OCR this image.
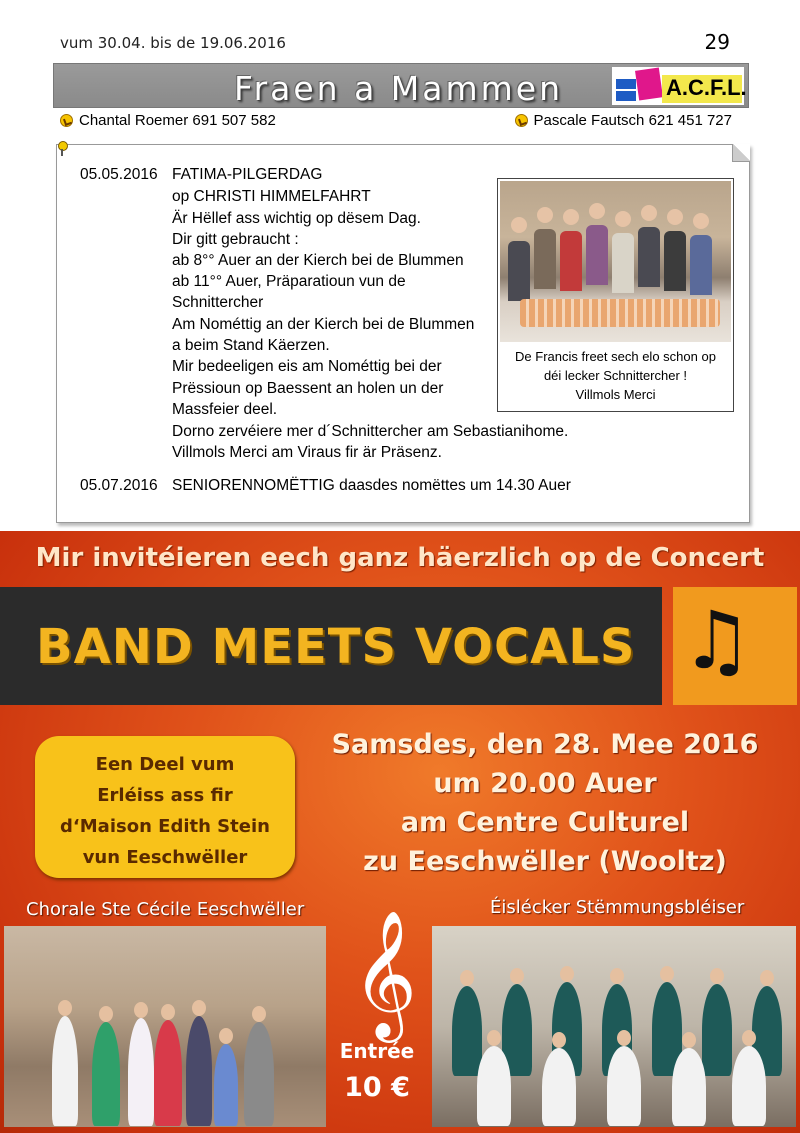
vum 30.04. bis de 19.06.2016	29
Fraen a Mammen	A.C.F.L.
Chantal Roemer 691 507 582	Pascale Fautsch 621 451 727
05.05.2016 FATIMA-PILGERDAG
op CHRISTI HIMMELFAHRT
Är Hëllef ass wichtig op dësem Dag.
Dir gitt gebraucht :
ab 8°° Auer an der Kierch bei de Blummen
ab 11°° Auer, Präparatioun vun de
Schnittercher
Am Nométtig an der Kierch bei de Blummen
a beim Stand Käerzen.
Mir bedeeligen eis am Nométtig bei der
Prëssioun op Baessent an holen un der
Massfeier deel.
Dorno zervéiere mer d´Schnittercher am Sebastianihome.
Villmols Merci am Viraus fir är Präsenz.
05.07.2016 SENIORENNOMËTTIG daasdes nomëttes um 14.30 Auer
De Francis freet sech elo schon op
déi lecker Schnittercher !
Villmols Merci
Mir invitéieren eech ganz häerzlich op de Concert
BAND MEETS VOCALS ♫
Een Deel vum
Erléiss ass fir
d‘Maison Edith Stein
vun Eeschwëller
Samsdes, den 28. Mee 2016
um 20.00 Auer
am Centre Culturel
zu Eeschwëller (Wooltz)
Chorale Ste Cécile Eeschwëller	Éislécker Stëmmungsbléiser
𝄞
Entrée
10 €
